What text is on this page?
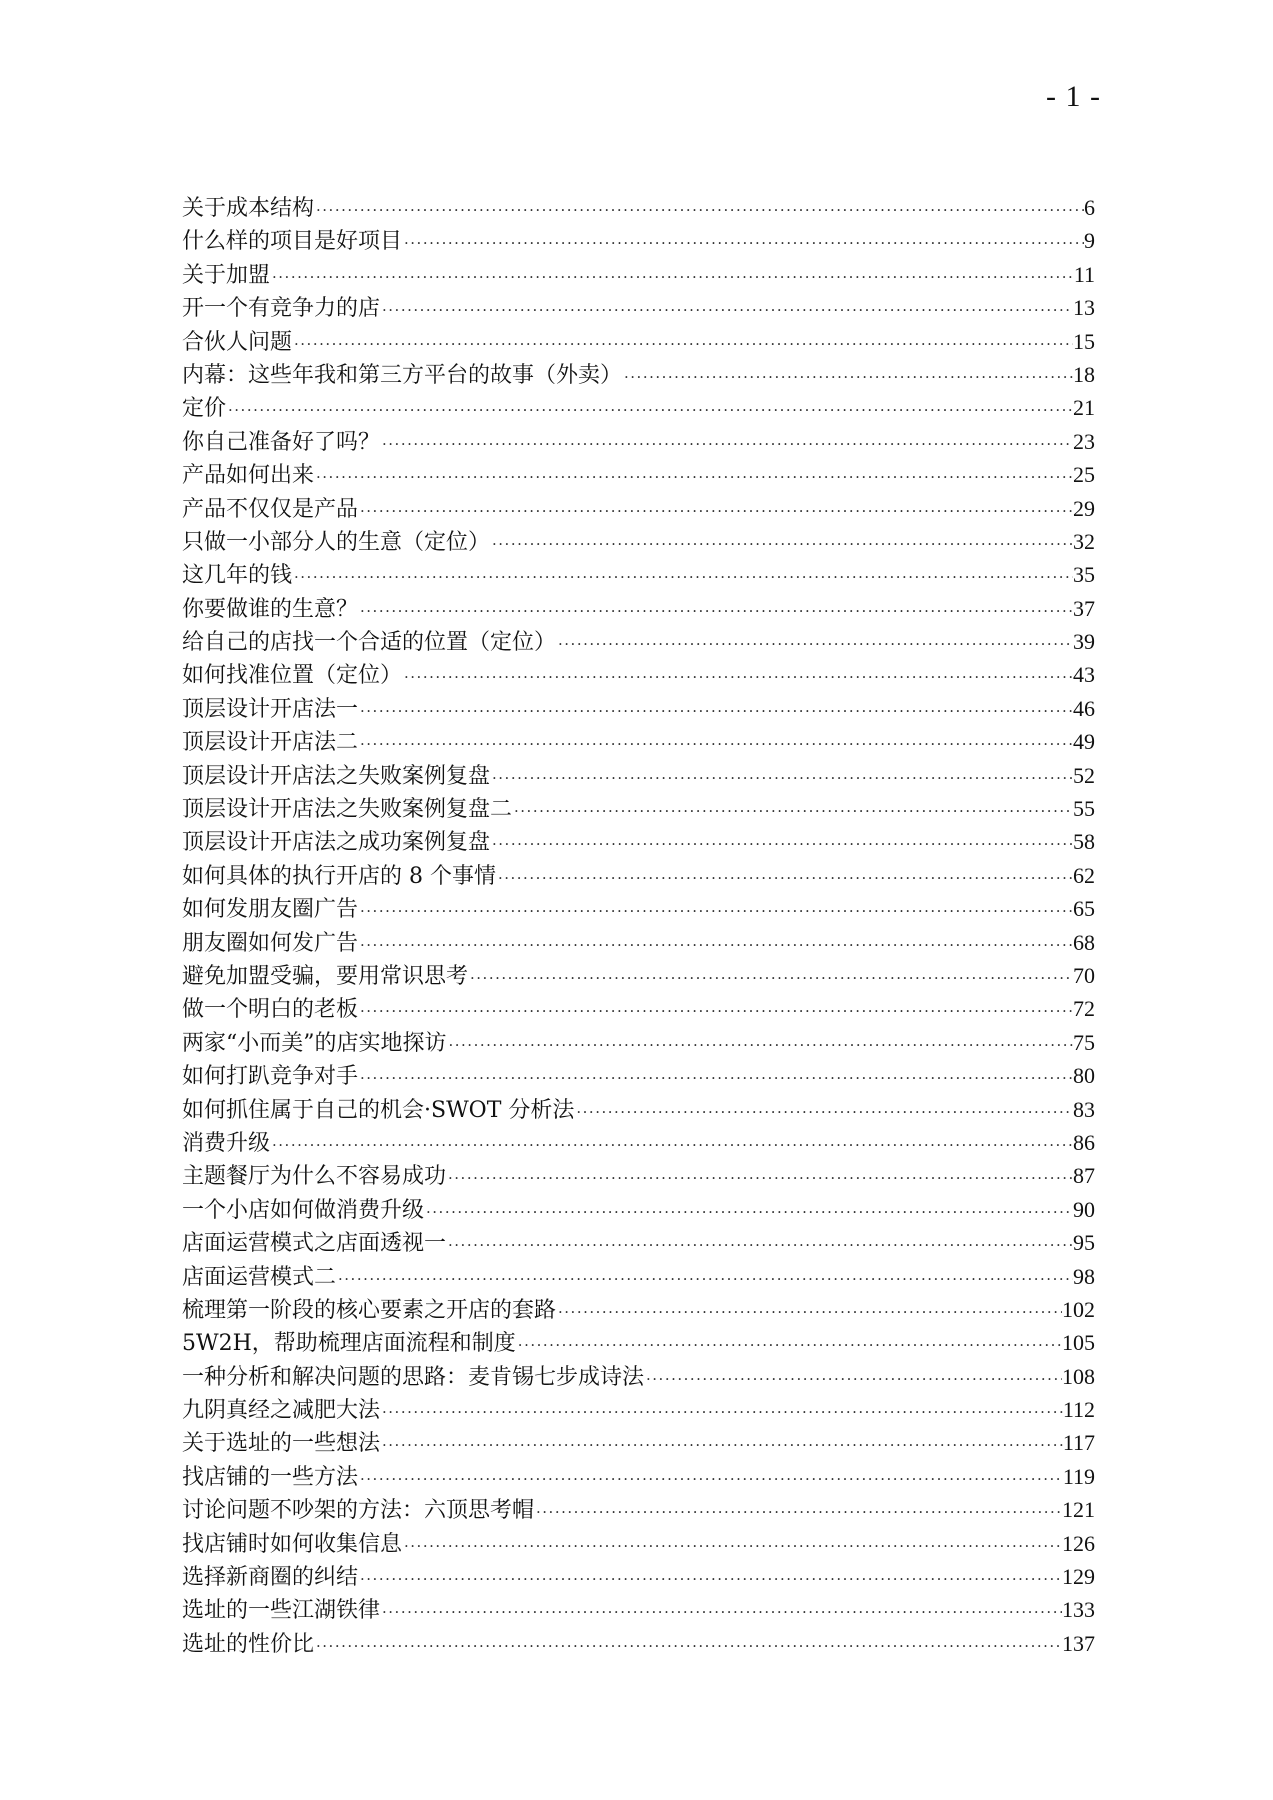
- 1 -
关于成本结构 ·····	6
什么样的项目是好项目 ·····	9
关于加盟 ·····	11
开一个有竞争力的店 ·····	13
合伙人问题 ·····	15
内幕：这些年我和第三方平台的故事（外卖） ·····	18
定价 ·····	21
你自己准备好了吗？ ·····	23
产品如何出来 ·····	25
产品不仅仅是产品 ·····	29
只做一小部分人的生意（定位） ·····	32
这几年的钱 ·····	35
你要做谁的生意？ ·····	37
给自己的店找一个合适的位置（定位） ·····	39
如何找准位置（定位） ·····	43
顶层设计开店法一 ·····	46
顶层设计开店法二 ·····	49
顶层设计开店法之失败案例复盘 ·····	52
顶层设计开店法之失败案例复盘二 ·····	55
顶层设计开店法之成功案例复盘 ·····	58
如何具体的执行开店的 8 个事情 ·····	62
如何发朋友圈广告 ·····	65
朋友圈如何发广告 ·····	68
避免加盟受骗，要用常识思考 ·····	70
做一个明白的老板 ·····	72
两家“小而美”的店实地探访 ·····	75
如何打趴竞争对手 ·····	80
如何抓住属于自己的机会·SWOT 分析法 ·····	83
消费升级 ·····	86
主题餐厅为什么不容易成功 ·····	87
一个小店如何做消费升级 ·····	90
店面运营模式之店面透视一 ·····	95
店面运营模式二 ·····	98
梳理第一阶段的核心要素之开店的套路 ·····	102
5W2H，帮助梳理店面流程和制度 ·····	105
一种分析和解决问题的思路：麦肯锡七步成诗法 ·····	108
九阴真经之减肥大法 ·····	112
关于选址的一些想法 ·····	117
找店铺的一些方法 ·····	119
讨论问题不吵架的方法：六顶思考帽 ·····	121
找店铺时如何收集信息 ·····	126
选择新商圈的纠结 ·····	129
选址的一些江湖铁律 ·····	133
选址的性价比 ·····	137
